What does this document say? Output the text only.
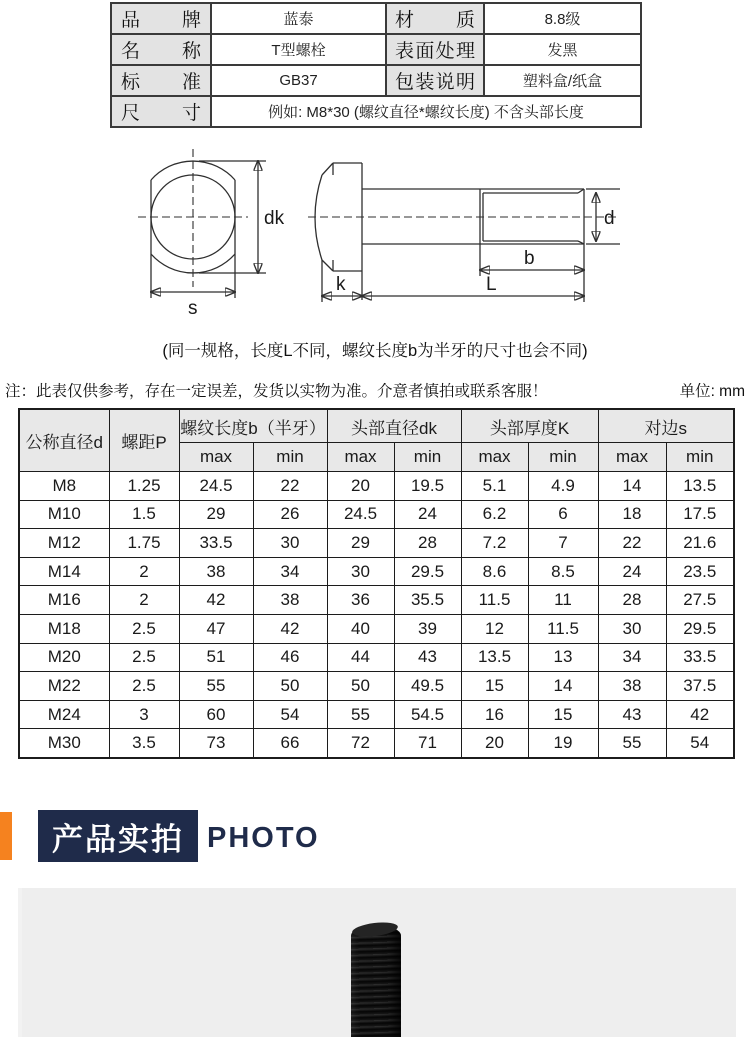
品牌	蓝泰	材质	8.8级
名称	T型螺栓	表面处理	发黑
标准	GB37	包装说明	塑料盒/纸盒
尺寸	例如: M8*30 (螺纹直径*螺纹长度) 不含头部长度		
dk
s
d
b
k	L
(同一规格，长度L不同，螺纹长度b为半牙的尺寸也会不同)
注：此表仅供参考，存在一定误差，发货以实物为准。介意者慎拍或联系客服！	单位: mm
公称直径d	螺距P	螺纹长度b（半牙）		头部直径dk		头部厚度K		对边s	
		max	min	max	min	max	min	max	min
M8	1.25	24.5	22	20	19.5	5.1	4.9	14	13.5
M10	1.5	29	26	24.5	24	6.2	6	18	17.5
M12	1.75	33.5	30	29	28	7.2	7	22	21.6
M14	2	38	34	30	29.5	8.6	8.5	24	23.5
M16	2	42	38	36	35.5	11.5	11	28	27.5
M18	2.5	47	42	40	39	12	11.5	30	29.5
M20	2.5	51	46	44	43	13.5	13	34	33.5
M22	2.5	55	50	50	49.5	15	14	38	37.5
M24	3	60	54	55	54.5	16	15	43	42
M30	3.5	73	66	72	71	20	19	55	54
产品实拍 PHOTO
